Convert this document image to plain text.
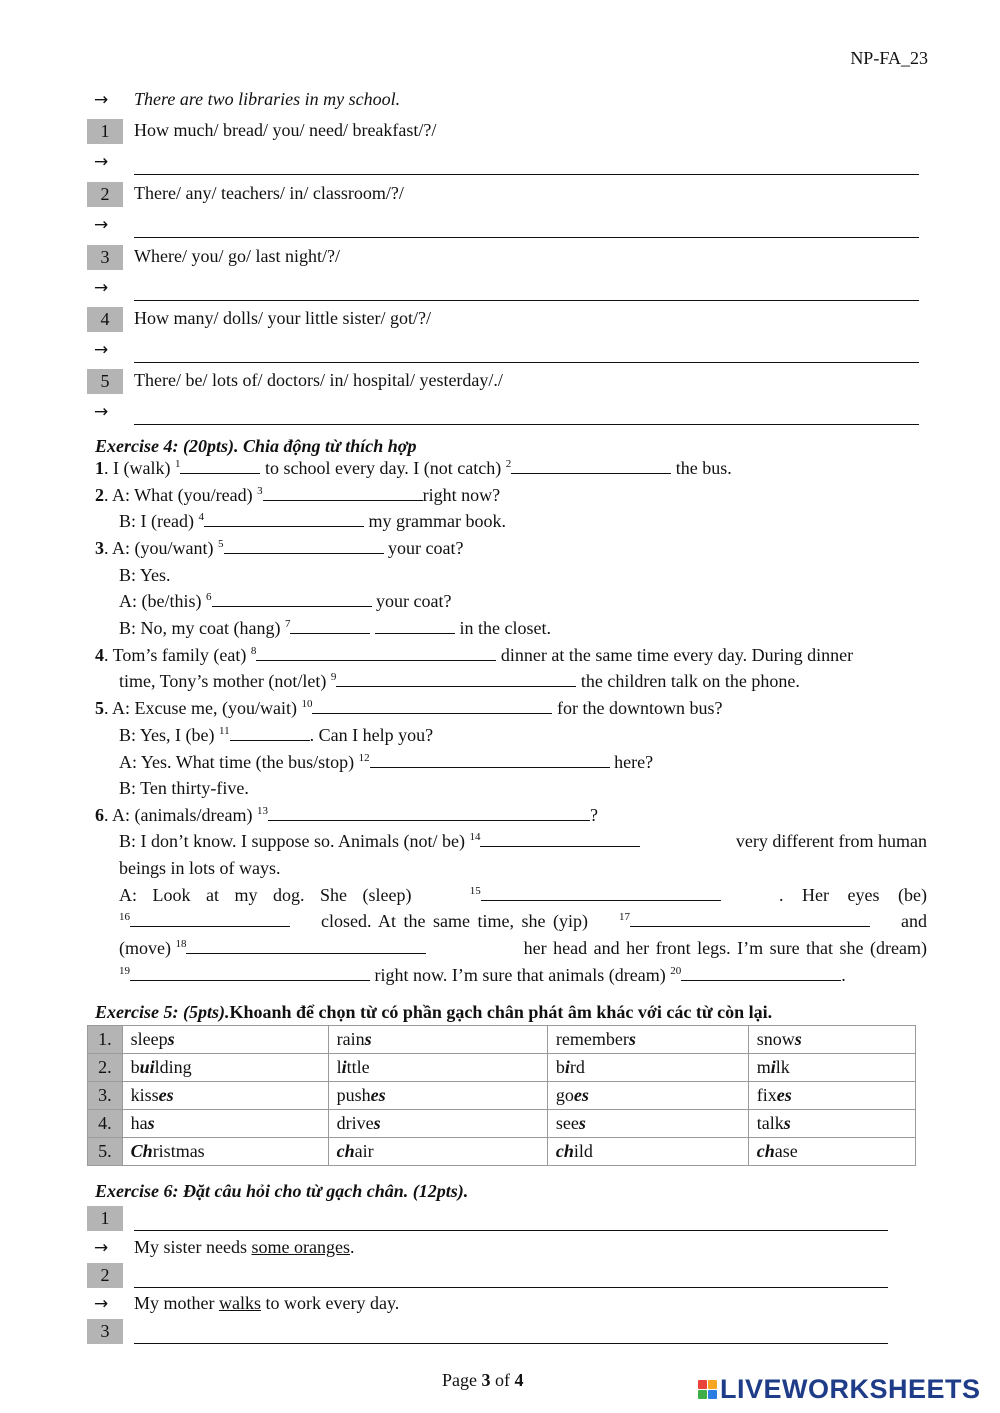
NP-FA_23
→ There are two libraries in my school.
1	How much/ bread/ you/ need/ breakfast/?/
→
2	There/ any/ teachers/ in/ classroom/?/
→
3	Where/ you/ go/ last night/?/
→
4	How many/ dolls/ your little sister/ got/?/
→
5	There/ be/ lots of/ doctors/ in/ hospital/ yesterday/./
→
Exercise 4: (20pts). Chia động từ thích hợp
1. I (walk) $^1$	to school every day. I (not catch) $^2$	the bus.
2. A: What (you/read) $^3$	right now?
B: I (read) $^4$	my grammar book.
3. A: (you/want) $^5$	your coat?
B: Yes.
A: (be/this) $^6$	your coat?
B: No, my coat (hang) $^7$	in the closet.
4. Tom’s family (eat) $^8$	dinner at the same time every day. During dinner
time, Tony’s mother (not/let) $^9$	the children talk on the phone.
5. A: Excuse me, (you/wait) $^{10}$	for the downtown bus?
B: Yes, I (be) $^{11}$	. Can I help you?
A: Yes. What time (the bus/stop) $^{12}$	here?
B: Ten thirty-five.
6. A: (animals/dream) $^{13}$	?
B: I don’t know. I suppose so. Animals (not/ be) $^{14}$	very different from human
beings in lots of ways.
A: Look at my dog. She (sleep)	$^{15}$	. Her eyes (be)
$^{16}$	closed. At the same time, she (yip)	$^{17}$	and
(move) $^{18}$	her head and her front legs. I’m sure that she (dream)
$^{19}$	right now. I’m sure that animals (dream) $^{20}$	.
Exercise 5: (5pts).Khoanh để chọn từ có phần gạch chân phát âm khác với các từ còn lại.
1.	sleeps	rains	remembers	snows
2.	building	little	bird	milk
3.	kisses	pushes	goes	fixes
4.	has	drives	sees	talks
5.	Christmas	chair	child	chase
Exercise 6: Đặt câu hỏi cho từ gạch chân. (12pts).
1
→ My sister needs some oranges.
2
→ My mother walks to work every day.
3
Page 3 of 4	LIVEWORKSHEETS
